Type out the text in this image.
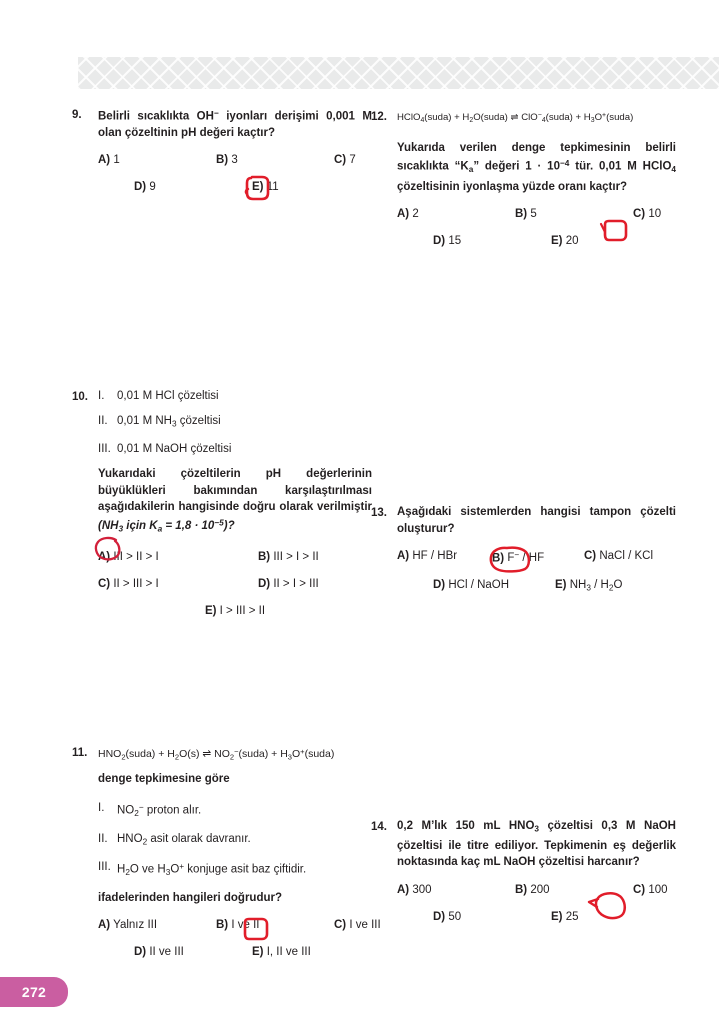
9.	Belirli sıcaklıkta OH− iyonları derişimi 0,001 M olan çözeltinin pH değeri kaçtır?
A) 1	B) 3	C) 7
D) 9	E) 11
10. I.	0,01 M HCl çözeltisi
II. 0,01 M $NH_3$ çözeltisi
III. 0,01 M NaOH çözeltisi
Yukarıdaki çözeltilerin pH değerlerinin büyüklükleri bakımından karşılaştırılması aşağıdakilerin hangisinde doğru olarak verilmiştir ($NH_3$ için $K_a = 1,8 \cdot 10^{-5}$)?
A) III > II > I	B) III > I > II
C) II > III > I	D) II > I > III
E) I > III > II
11.	$HNO_2(suda) + H_2O(s)$ ⇌ $NO_2^-(suda)$ + $H_3O^+(suda)$
denge tepkimesine göre
I.	$NO_2^-$ proton alır.
II. $HNO_2$ asit olarak davranır.
III. $H_2O$ ve $H_3O^+$ konjuge asit baz çiftidir.
ifadelerinden hangileri doğrudur?
A) Yalnız III	B) I ve II	C) I ve III
D) II ve III	E) I, II ve III
12.	HClO$_4$(suda) + $H_2O(suda)$ ⇌ ClO−$_4$(suda) + $H_3O^+(suda)$
Yukarıda verilen denge tepkimesinin belirli sıcaklıkta “$K_a$” değeri $1 \cdot 10^{-4}$ tür. 0,01 M HClO$_4$ çözeltisinin iyonlaşma yüzde oranı kaçtır?
A) 2	B) 5	C) 10
D) 15	E) 20
13. Aşağıdaki sistemlerden hangisi tampon çözelti oluşturur?
A) HF / HBr	B) F− / HF	C) NaCl / KCl
D) HCl / NaOH	E) $NH_3 / H_2O$
14. 0,2 M’lık 150 mL $HNO_3$ çözeltisi 0,3 M NaOH çözeltisi ile titre ediliyor. Tepkimenin eş değerlik noktasında kaç mL NaOH çözeltisi harcanır?
A) 300	B) 200	C) 100
D) 50	E) 25
272
